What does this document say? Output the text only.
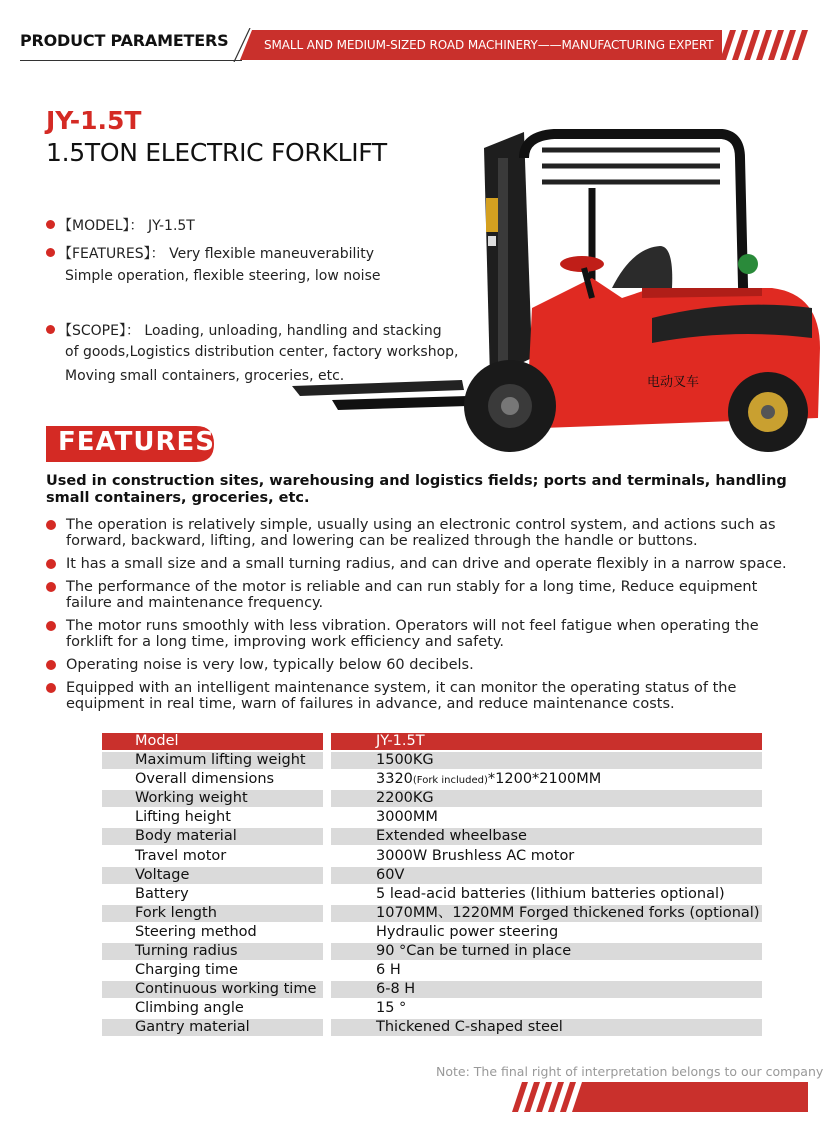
PRODUCT PARAMETERS	SMALL AND MEDIUM-SIZED ROAD MACHINERY——MANUFACTURING EXPERT
JY-1.5T
1.5TON ELECTRIC FORKLIFT
【MODEL】： JY-1.5T
【FEATURES】： Very flexible maneuverability
Simple operation, flexible steering, low noise
【SCOPE】： Loading, unloading, handling and stacking
of goods,Logistics distribution center, factory workshop,
Moving small containers, groceries, etc.	电动叉车
FEATURES
Used in construction sites, warehousing and logistics fields; ports and terminals, handling small containers, groceries, etc.
The operation is relatively simple, usually using an electronic control system, and actions such as forward, backward, lifting, and lowering can be realized through the handle or buttons.
It has a small size and a small turning radius, and can drive and operate flexibly in a narrow space.
The performance of the motor is reliable and can run stably for a long time, Reduce equipment failure and maintenance frequency.
The motor runs smoothly with less vibration. Operators will not feel fatigue when operating the forklift for a long time, improving work efficiency and safety.
Operating noise is very low, typically below 60 decibels.
Equipped with an intelligent maintenance system, it can monitor the operating status of the equipment in real time, warn of failures in advance, and reduce maintenance costs.
Model	JY-1.5T
Maximum lifting weight	1500KG
Overall dimensions	3320(Fork included)*1200*2100MM
Working weight	2200KG
Lifting height	3000MM
Body material	Extended wheelbase
Travel motor	3000W Brushless AC motor
Voltage	60V
Battery	5 lead-acid batteries (lithium batteries optional)
Fork length	1070MM、1220MM Forged thickened forks (optional)
Steering method	Hydraulic power steering
Turning radius	90 °Can be turned in place
Charging time	6 H
Continuous working time	6-8 H
Climbing angle	15 °
Gantry material	Thickened C-shaped steel
Note: The final right of interpretation belongs to our company
